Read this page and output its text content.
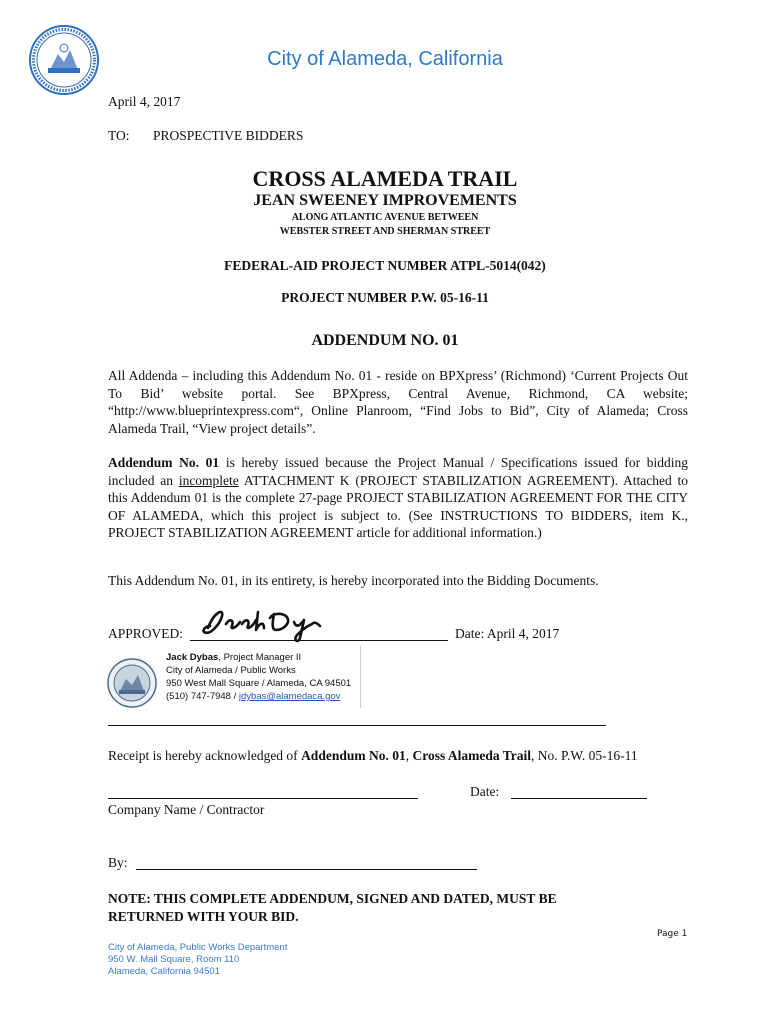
City of Alameda, California
April 4, 2017
TO: PROSPECTIVE BIDDERS
CROSS ALAMEDA TRAIL
JEAN SWEENEY IMPROVEMENTS
ALONG ATLANTIC AVENUE BETWEEN
WEBSTER STREET AND SHERMAN STREET
FEDERAL-AID PROJECT NUMBER ATPL-5014(042)
PROJECT NUMBER P.W. 05-16-11
ADDENDUM NO. 01
All Addenda – including this Addendum No. 01 - reside on BPXpress’ (Richmond) ‘Current Projects Out To Bid’ website portal. See BPXpress, Central Avenue, Richmond, CA website; “http://www.blueprintexpress.com“, Online Planroom, “Find Jobs to Bid”, City of Alameda; Cross Alameda Trail, “View project details”.
Addendum No. 01 is hereby issued because the Project Manual / Specifications issued for bidding included an incomplete ATTACHMENT K (PROJECT STABILIZATION AGREEMENT). Attached to this Addendum 01 is the complete 27-page PROJECT STABILIZATION AGREEMENT FOR THE CITY OF ALAMEDA, which this project is subject to. (See INSTRUCTIONS TO BIDDERS, item K., PROJECT STABILIZATION AGREEMENT article for additional information.)
This Addendum No. 01, in its entirety, is hereby incorporated into the Bidding Documents.
APPROVED:	Date: April 4, 2017
Jack Dybas, Project Manager II
City of Alameda / Public Works
950 West Mall Square / Alameda, CA 94501
(510) 747-7948 / jdybas@alamedaca.gov
Receipt is hereby acknowledged of Addendum No. 01, Cross Alameda Trail, No. P.W. 05-16-11
Date:
Company Name / Contractor
By:
NOTE: THIS COMPLETE ADDENDUM, SIGNED AND DATED, MUST BE
RETURNED WITH YOUR BID.
Page 1
City of Alameda, Public Works Department
950 W. Mall Square, Room 110
Alameda, California 94501
